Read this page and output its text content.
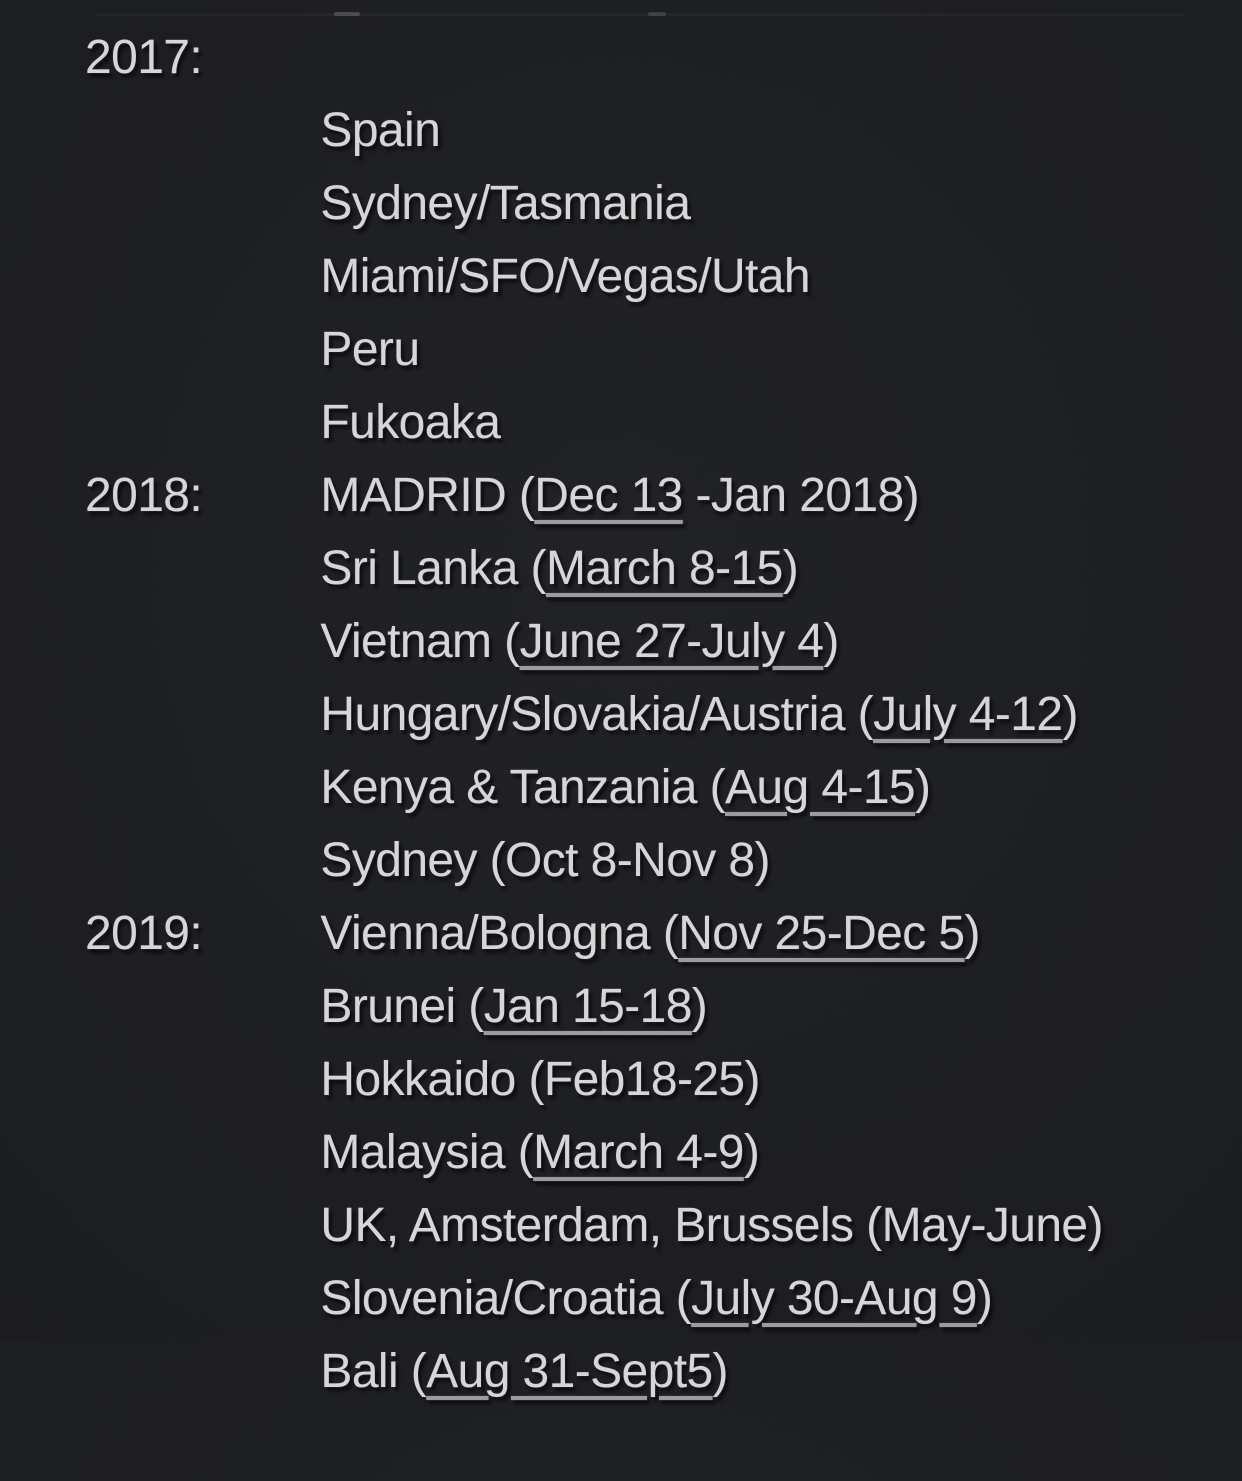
2017:

Spain

Sydney/Tasmania

Miami/SFO/Vegas/Utah

Peru

Fukoaka

MADRID (Dec 13 -Jan 2018)

2018:

Sri Lanka (March 8-15)

Vietnam (June 27-July 4)

Hungary/Slovakia/Austria (July 4-12)

Kenya & Tanzania (Aug 4-15)

Sydney (Oct 8-Nov 8)

Vienna/Bologna (Nov 25-Dec 5)

2019:

Brunei (Jan 15-18)

Hokkaido (Feb18-25)

Malaysia (March 4-9)

UK, Amsterdam, Brussels (May-June)

Slovenia/Croatia (July 30-Aug 9)

Bali (Aug 31-Sept5)
